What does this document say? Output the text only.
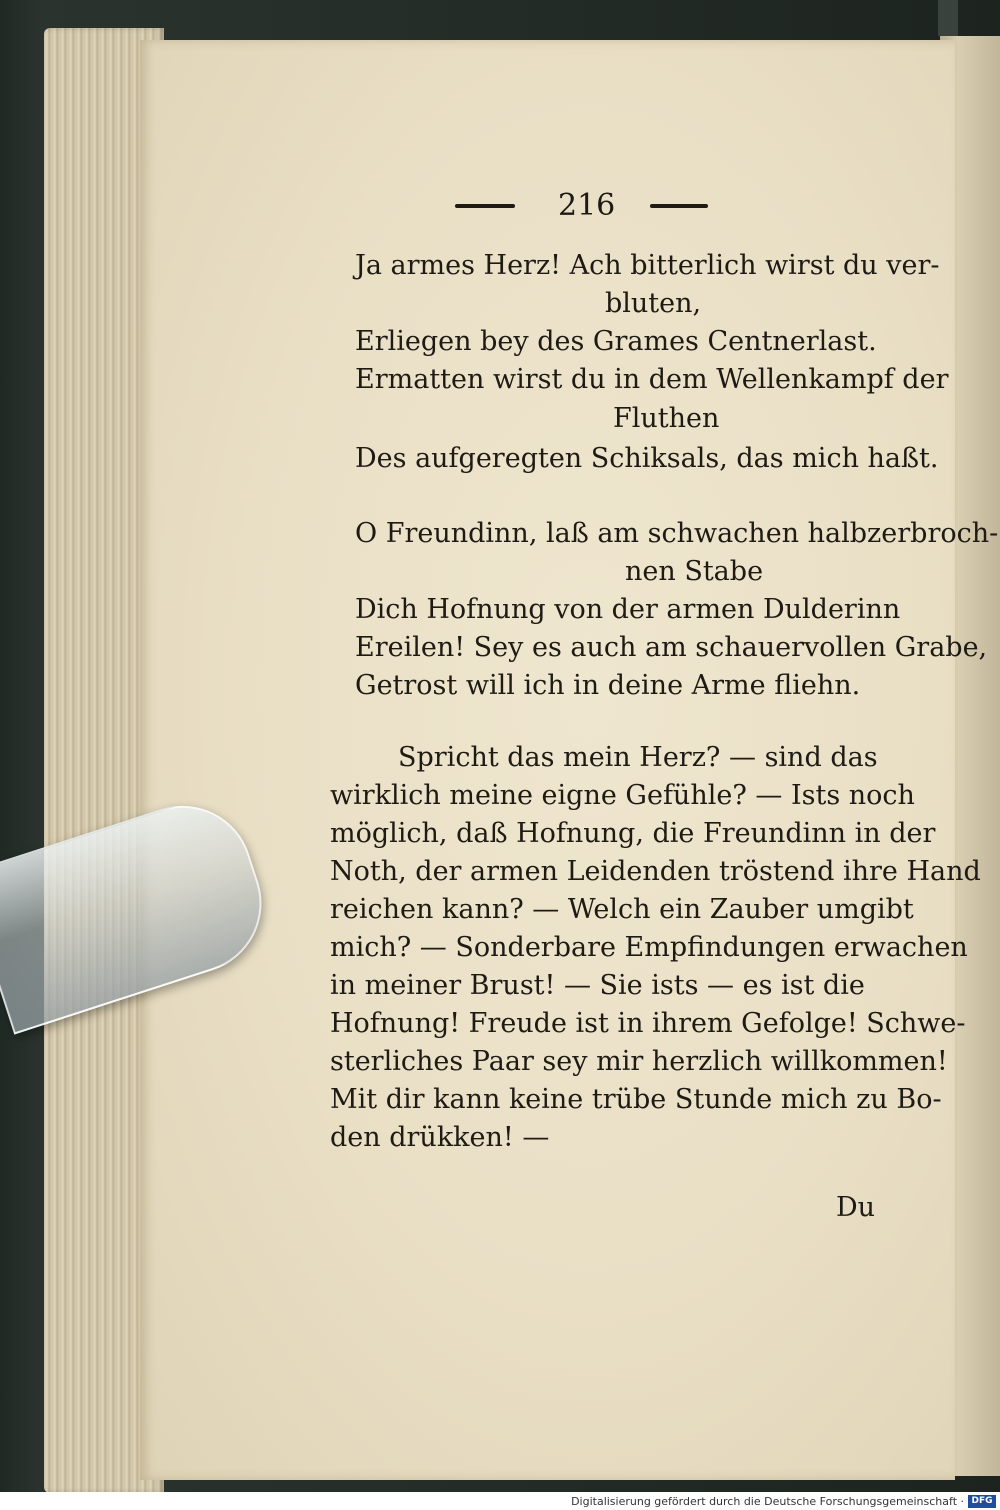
216
Ja armes Herz! Ach bitterlich wirst du ver-
bluten,
Erliegen bey des Grames Centnerlast.
Ermatten wirst du in dem Wellenkampf der
Fluthen
Des aufgeregten Schiksals, das mich haßt.
O Freundinn, laß am schwachen halbzerbroch-
nen Stabe
Dich Hofnung von der armen Dulderinn
Ereilen! Sey es auch am schauervollen Grabe,
Getrost will ich in deine Arme fliehn.
Spricht das mein Herz? — sind das
wirklich meine eigne Gefühle? — Ists noch
möglich, daß Hofnung, die Freundinn in der
Noth, der armen Leidenden tröstend ihre Hand
reichen kann? — Welch ein Zauber umgibt
mich? — Sonderbare Empfindungen erwachen
in meiner Brust! — Sie ists — es ist die
Hofnung! Freude ist in ihrem Gefolge! Schwe-
sterliches Paar sey mir herzlich willkommen!
Mit dir kann keine trübe Stunde mich zu Bo-
den drükken! —
Du
Digitalisierung gefördert durch die Deutsche Forschungsgemeinschaft · DFG
